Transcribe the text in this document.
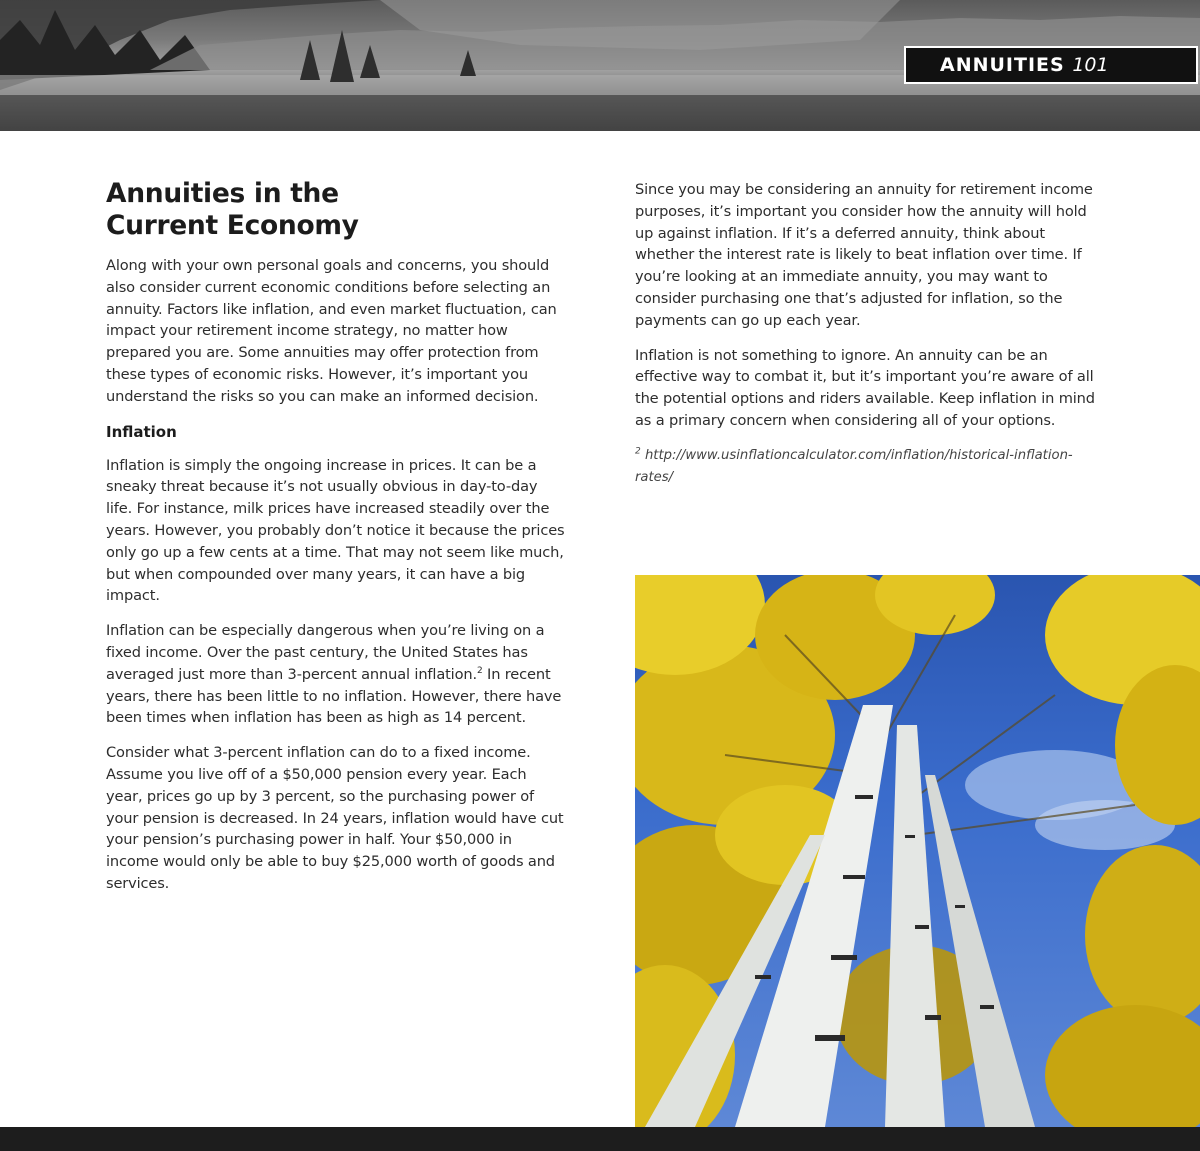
ANNUITIES 101
Annuities in the
Current Economy

Along with your own personal goals and concerns, you should also consider current economic conditions before selecting an annuity. Factors like inflation, and even market fluctuation, can impact your retirement income strategy, no matter how prepared you are. Some annuities may offer protection from these types of economic risks. However, it’s important you understand the risks so you can make an informed decision.

Inflation

Inflation is simply the ongoing increase in prices. It can be a sneaky threat because it’s not usually obvious in day-to-day life. For instance, milk prices have increased steadily over the years. However, you probably don’t notice it because the prices only go up a few cents at a time. That may not seem like much, but when compounded over many years, it can have a big impact.

Inflation can be especially dangerous when you’re living on a fixed income. Over the past century, the United States has averaged just more than 3-percent annual inflation.$^2$ In recent years, there has been little to no inflation. However, there have been times when inflation has been as high as 14 percent.

Consider what 3-percent inflation can do to a fixed income. Assume you live off of a $50,000 pension every year. Each year, prices go up by 3 percent, so the purchasing power of your pension is decreased. In 24 years, inflation would have cut your pension’s purchasing power in half. Your $50,000 in income would only be able to buy $25,000 worth of goods and services.

Since you may be considering an annuity for retirement income purposes, it’s important you consider how the annuity will hold up against inflation. If it’s a deferred annuity, think about whether the interest rate is likely to beat inflation over time. If you’re looking at an immediate annuity, you may want to consider purchasing one that’s adjusted for inflation, so the payments can go up each year.

Inflation is not something to ignore. An annuity can be an effective way to combat it, but it’s important you’re aware of all the potential options and riders available. Keep inflation in mind as a primary concern when considering all of your options.

$^2$ http://www.usinflationcalculator.com/inflation/historical-inflation-rates/
